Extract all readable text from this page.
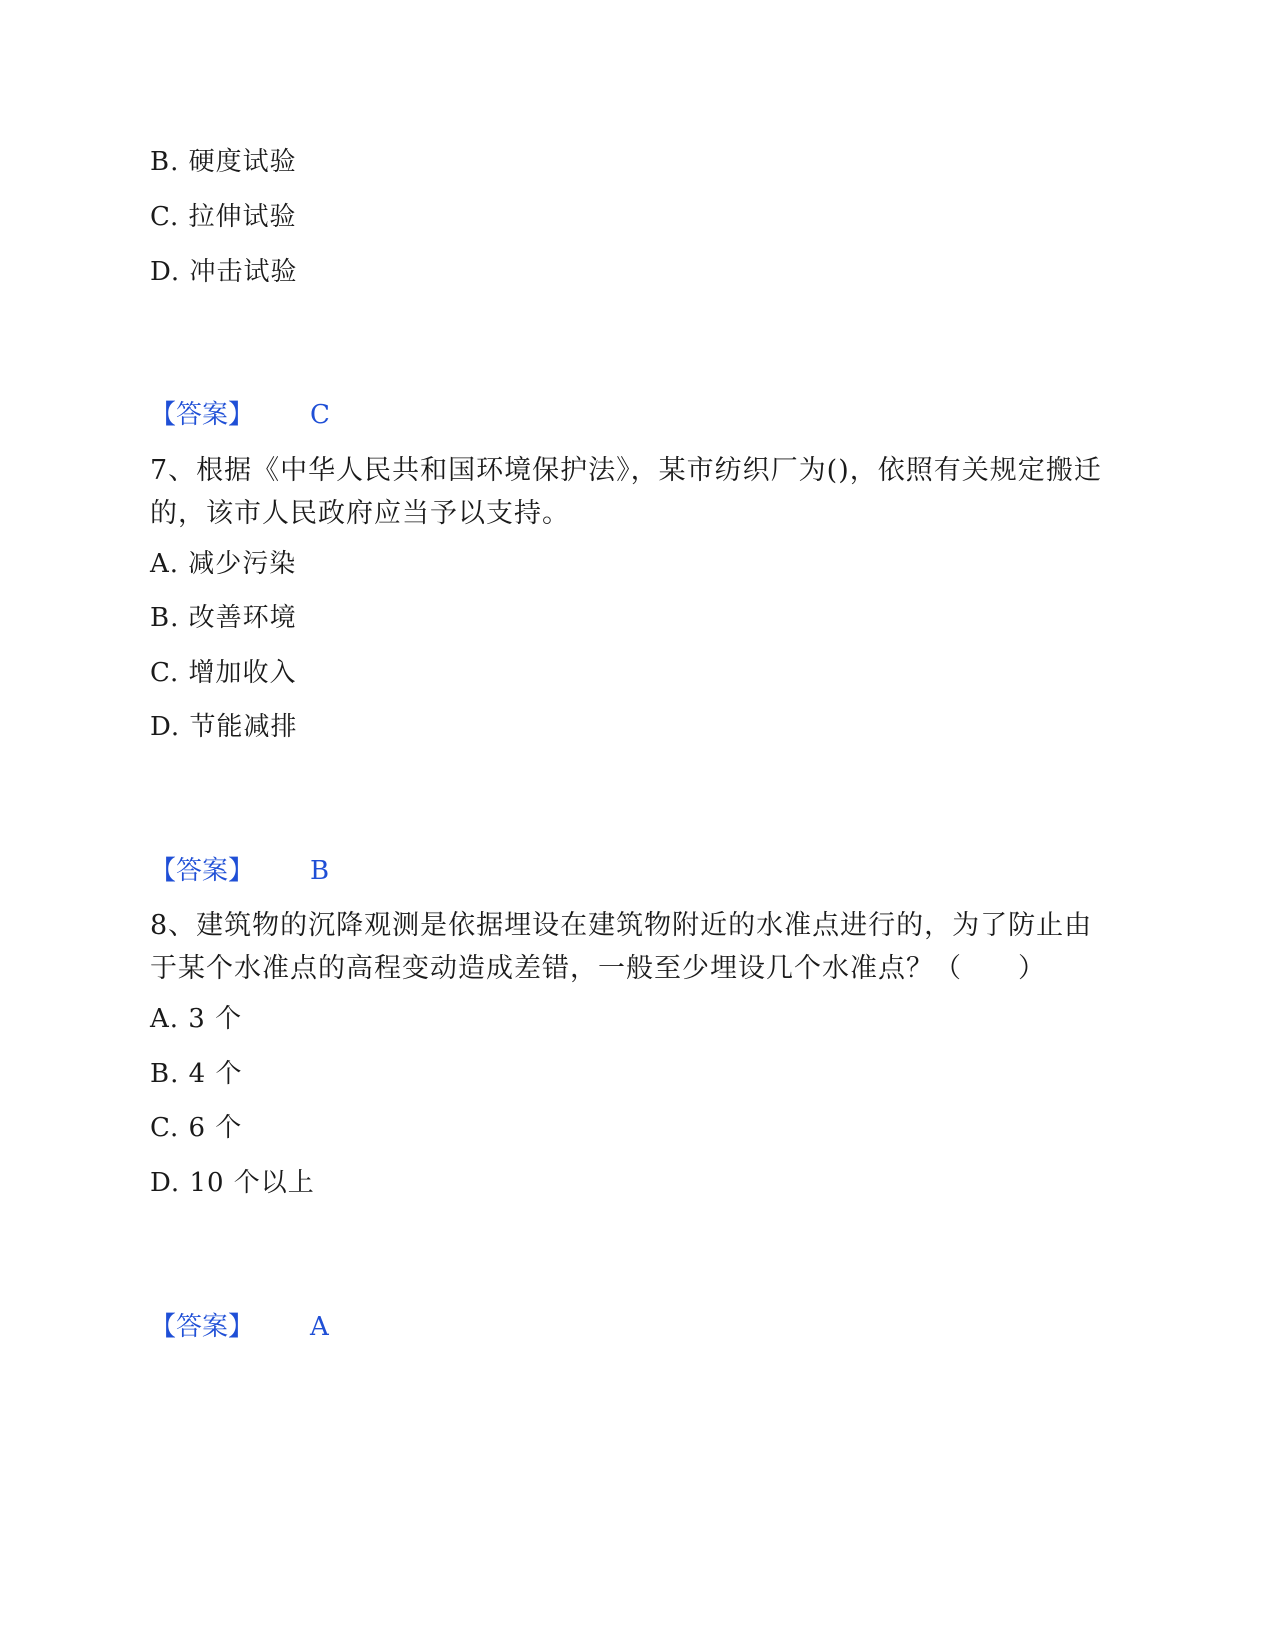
B. 硬度试验
C. 拉伸试验
D. 冲击试验
【答案】 C
7、根据《中华人民共和国环境保护法》，某市纺织厂为()，依照有关规定搬迁的，该市人民政府应当予以支持。
A. 减少污染
B. 改善环境
C. 增加收入
D. 节能减排
【答案】 B
8、建筑物的沉降观测是依据埋设在建筑物附近的水准点进行的，为了防止由于某个水准点的高程变动造成差错，一般至少埋设几个水准点？（　　）
A. 3 个
B. 4 个
C. 6 个
D. 10 个以上
【答案】 A
